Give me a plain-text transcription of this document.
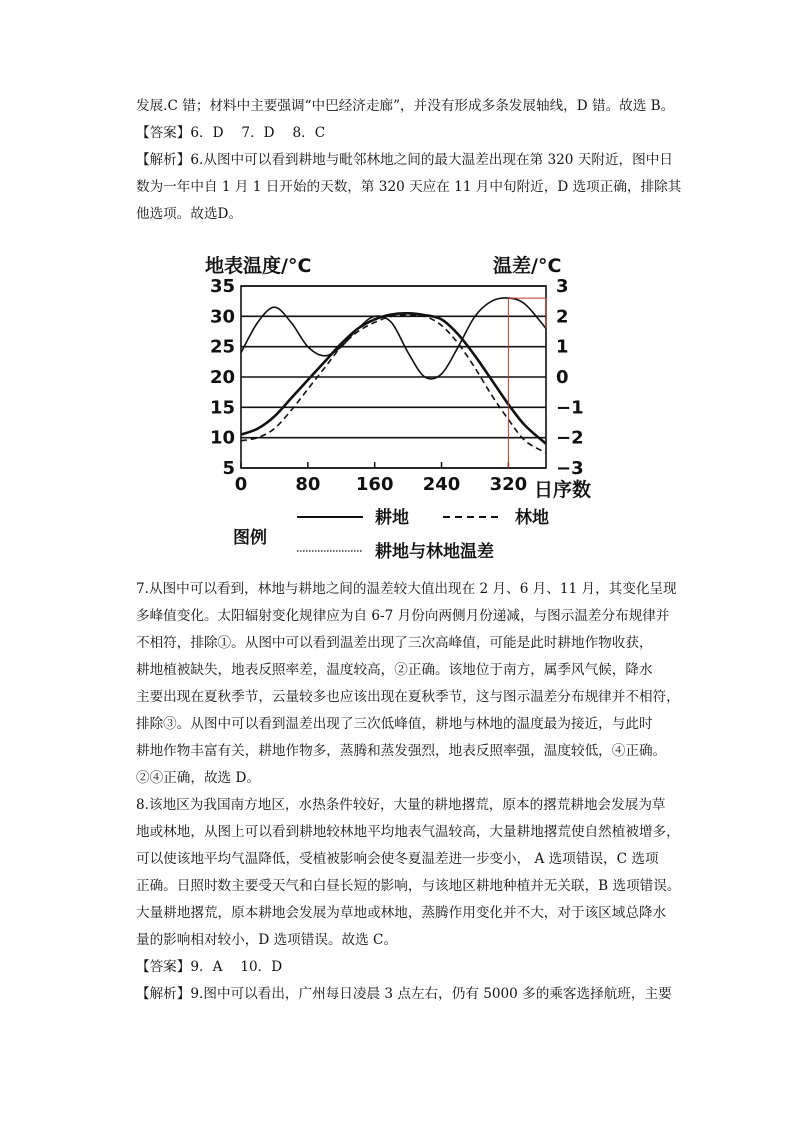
发展.C 错；材料中主要强调“中巴经济走廊”，并没有形成多条发展轴线，D 错。故选 B。
【答案】6．D　 7．D　 8．C
【解析】6.从图中可以看到耕地与毗邻林地之间的最大温差出现在第 320 天附近，图中日
数为一年中自 1 月 1 日开始的天数，第 320 天应在 11 月中旬附近，D 选项正确，排除其
他选项。故选D。
地表温度/°C	温差/°C
日序数
图例
耕地	林地
耕地与林地温差
35
30
25
20
15
10
5
3
2
1
0
−1
−2
−3
0	80 160 240 320
7.从图中可以看到，林地与耕地之间的温差较大值出现在 2 月、6 月、11 月，其变化呈现
多峰值变化。太阳辐射变化规律应为自 6-7 月份向两侧月份递减，与图示温差分布规律并
不相符，排除①。从图中可以看到温差出现了三次高峰值，可能是此时耕地作物收获，
耕地植被缺失，地表反照率差，温度较高，②正确。该地位于南方，属季风气候，降水
主要出现在夏秋季节，云量较多也应该出现在夏秋季节，这与图示温差分布规律并不相符，
排除③。从图中可以看到温差出现了三次低峰值，耕地与林地的温度最为接近，与此时
耕地作物丰富有关，耕地作物多，蒸腾和蒸发强烈，地表反照率强，温度较低，④正确。
②④正确，故选 D。
8.该地区为我国南方地区，水热条件较好，大量的耕地撂荒，原本的撂荒耕地会发展为草
地或林地，从图上可以看到耕地较林地平均地表气温较高，大量耕地撂荒使自然植被增多，
可以使该地平均气温降低，受植被影响会使冬夏温差进一步变小， A 选项错误，C 选项
正确。日照时数主要受天气和白昼长短的影响，与该地区耕地种植并无关联，B 选项错误。
大量耕地撂荒，原本耕地会发展为草地或林地，蒸腾作用变化并不大，对于该区域总降水
量的影响相对较小，D 选项错误。故选 C。
【答案】9．A　 10．D
【解析】9.图中可以看出，广州每日凌晨 3 点左右，仍有 5000 多的乘客选择航班，主要
